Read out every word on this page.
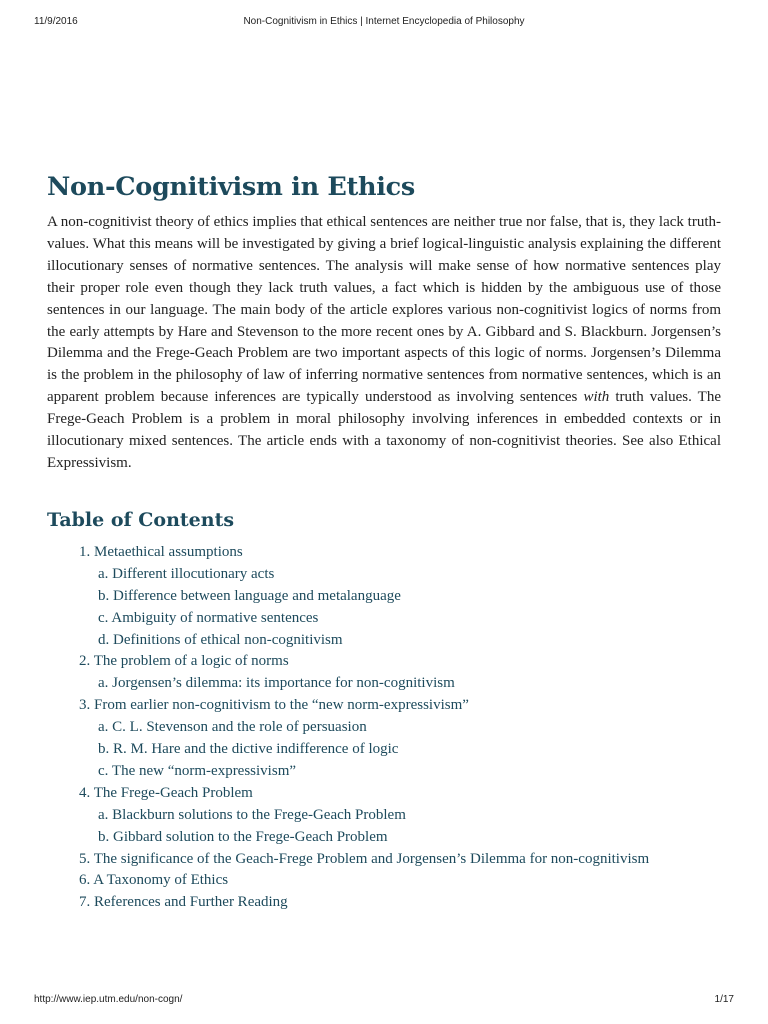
11/9/2016	Non-Cognitivism in Ethics | Internet Encyclopedia of Philosophy
Non-Cognitivism in Ethics

A non-cognitivist theory of ethics implies that ethical sentences are neither true nor false, that is, they lack truth-values. What this means will be investigated by giving a brief logical-linguistic analysis explaining the different illocutionary senses of normative sentences. The analysis will make sense of how normative sentences play their proper role even though they lack truth values, a fact which is hidden by the ambiguous use of those sentences in our language. The main body of the article explores various non-cognitivist logics of norms from the early attempts by Hare and Stevenson to the more recent ones by A. Gibbard and S. Blackburn. Jorgensen’s Dilemma and the Frege-Geach Problem are two important aspects of this logic of norms. Jorgensen’s Dilemma is the problem in the philosophy of law of inferring normative sentences from normative sentences, which is an apparent problem because inferences are typically understood as involving sentences with truth values. The Frege-Geach Problem is a problem in moral philosophy involving inferences in embedded contexts or in illocutionary mixed sentences. The article ends with a taxonomy of non-cognitivist theories. See also Ethical Expressivism.

Table of Contents
1. Metaethical assumptions
a. Different illocutionary acts
b. Difference between language and metalanguage
c. Ambiguity of normative sentences
d. Definitions of ethical non-cognitivism
2. The problem of a logic of norms
a. Jorgensen’s dilemma: its importance for non-cognitivism
3. From earlier non-cognitivism to the “new norm-expressivism”
a. C. L. Stevenson and the role of persuasion
b. R. M. Hare and the dictive indifference of logic
c. The new “norm-expressivism”
4. The Frege-Geach Problem
a. Blackburn solutions to the Frege-Geach Problem
b. Gibbard solution to the Frege-Geach Problem
5. The significance of the Geach-Frege Problem and Jorgensen’s Dilemma for non-cognitivism
6. A Taxonomy of Ethics
7. References and Further Reading
http://www.iep.utm.edu/non-cogn/	1/17
